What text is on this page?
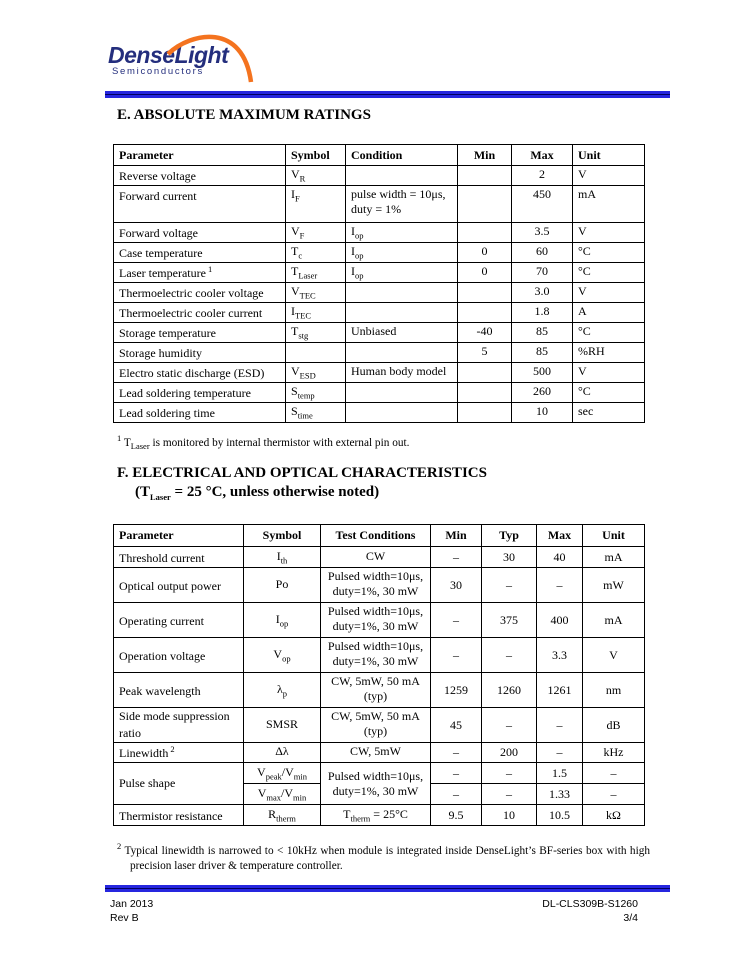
DenseLight
Semiconductors
E. ABSOLUTE MAXIMUM RATINGS
Parameter	Symbol	Condition	Min	Max	Unit
Reverse voltage	$V_R$			2	V
Forward current	$I_F$	pulse width = 10μs, duty = 1%		450	mA
Forward voltage	$V_F$	$I_{op}$		3.5	V
Case temperature	$T_c$	$I_{op}$	0	60	°C
Laser temperature $^1$	$T_{Laser}$	$I_{op}$	0	70	°C
Thermoelectric cooler voltage	$V_{TEC}$			3.0	V
Thermoelectric cooler current	$I_{TEC}$			1.8	A
Storage temperature	$T_{stg}$	Unbiased	-40	85	°C
Storage humidity			5	85	%RH
Electro static discharge (ESD)	$V_{ESD}$	Human body model		500	V
Lead soldering temperature	$S_{temp}$			260	°C
Lead soldering time	$S_{time}$			10	sec

$^1$ $T_{Laser}$ is monitored by internal thermistor with external pin out.

F. ELECTRICAL AND OPTICAL CHARACTERISTICS
($T_{Laser} = 25$ °C, unless otherwise noted)
Parameter	Symbol	Test Conditions	Min	Typ	Max	Unit
Threshold current	$I_{th}$	CW	–	30	40	mA
Optical output power	Po	Pulsed width=10μs, duty=1%, 30 mW	30	–	–	mW
Operating current	$I_{op}$	Pulsed width=10μs, duty=1%, 30 mW	–	375	400	mA
Operation voltage	$V_{op}$	Pulsed width=10μs, duty=1%, 30 mW	–	–	3.3	V
Peak wavelength	$\lambda_p$	CW, 5mW, 50 mA (typ)	1259	1260	1261	nm
Side mode suppression ratio	SMSR	CW, 5mW, 50 mA (typ)	45	–	–	dB
Linewidth $^2$	Δλ	CW, 5mW	–	200	–	kHz
Pulse shape	$V_{peak}/V_{min}$	Pulsed width=10μs, duty=1%, 30 mW	–	–	1.5	–
	$V_{max}/V_{min}$		–	–	1.33	–
Thermistor resistance	$R_{therm}$	$T_{therm} = 25^\circ C$	9.5	10	10.5	kΩ

$^2$ Typical linewidth is narrowed to < 10kHz when module is integrated inside DenseLight’s BF-series box with high precision laser driver & temperature controller.

Jan 2013
Rev B
DL-CLS309B-S1260
3/4
